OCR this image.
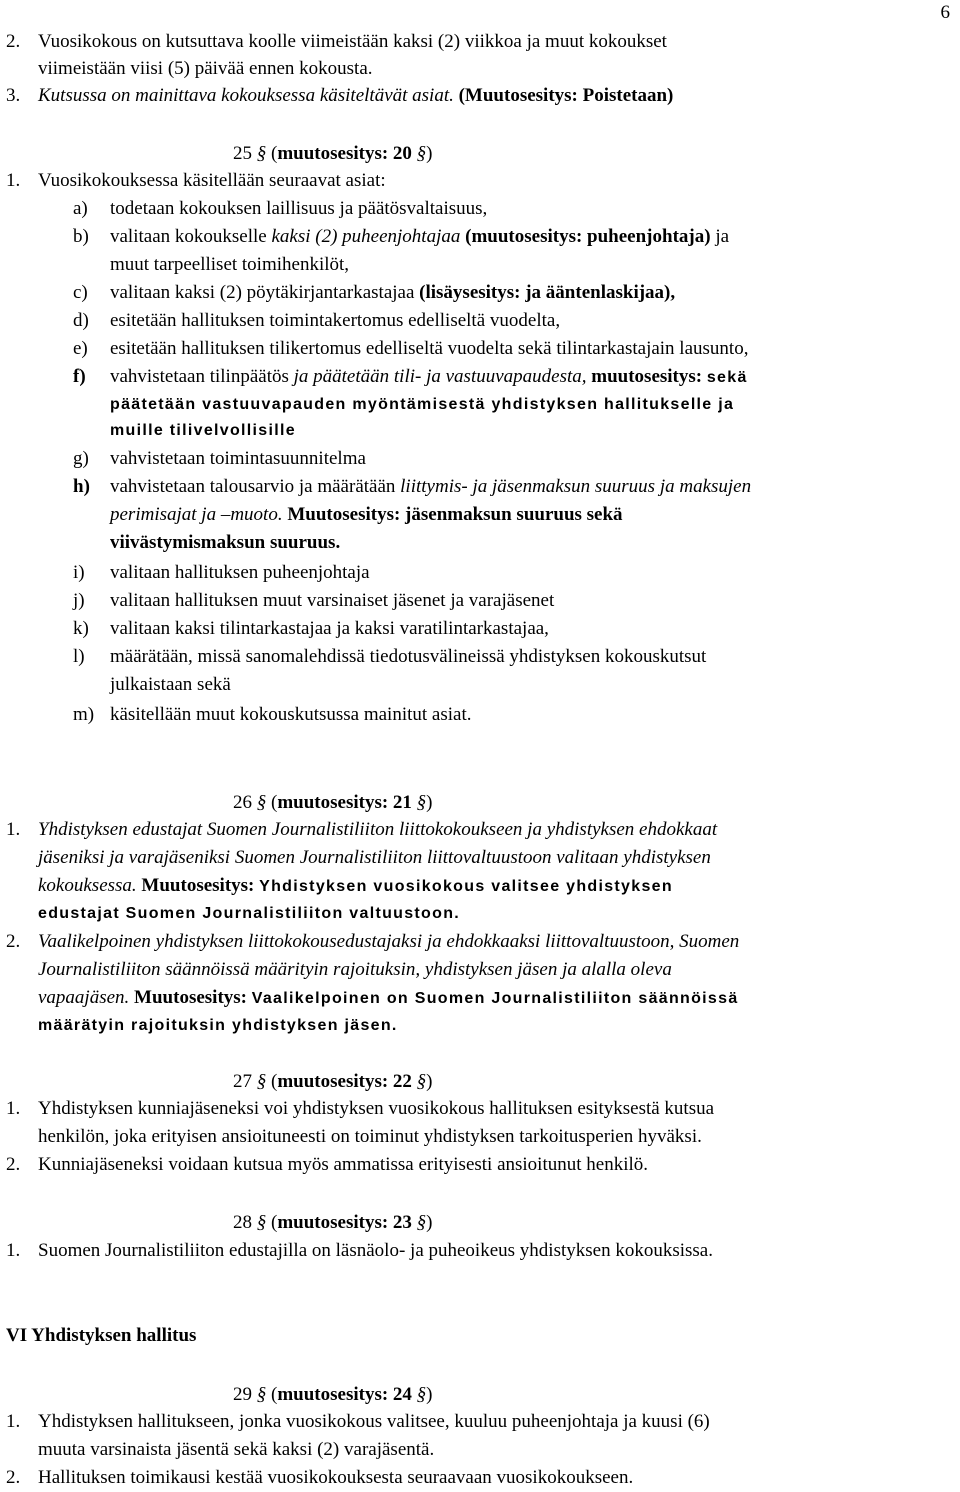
6
2. Vuosikokous on kutsuttava koolle viimeistään kaksi (2) viikkoa ja muut kokoukset
viimeistään viisi (5) päivää ennen kokousta.
3. Kutsussa on mainittava kokouksessa käsiteltävät asiat. (Muutosesitys: Poistetaan)
25 § (muutosesitys: 20 §)
1. Vuosikokouksessa käsitellään seuraavat asiat:
a) todetaan kokouksen laillisuus ja päätösvaltaisuus,
b) valitaan kokoukselle kaksi (2) puheenjohtajaa (muutosesitys: puheenjohtaja) ja
muut tarpeelliset toimihenkilöt,
c) valitaan kaksi (2) pöytäkirjantarkastajaa (lisäysesitys: ja ääntenlaskijaa),
d) esitetään hallituksen toimintakertomus edelliseltä vuodelta,
e) esitetään hallituksen tilikertomus edelliseltä vuodelta sekä tilintarkastajain lausunto,
f) vahvistetaan tilinpäätös ja päätetään tili- ja vastuuvapaudesta, muutosesitys: sekä
päätetään vastuuvapauden myöntämisestä yhdistyksen hallitukselle ja
muille tilivelvollisille
g) vahvistetaan toimintasuunnitelma
h) vahvistetaan talousarvio ja määrätään liittymis- ja jäsenmaksun suuruus ja maksujen
perimisajat ja –muoto. Muutosesitys: jäsenmaksun suuruus sekä
viivästymismaksun suuruus.
i) valitaan hallituksen puheenjohtaja
j) valitaan hallituksen muut varsinaiset jäsenet ja varajäsenet
k) valitaan kaksi tilintarkastajaa ja kaksi varatilintarkastajaa,
l) määrätään, missä sanomalehdissä tiedotusvälineissä yhdistyksen kokouskutsut
julkaistaan sekä
m) käsitellään muut kokouskutsussa mainitut asiat.
26 § (muutosesitys: 21 §)
1. Yhdistyksen edustajat Suomen Journalistiliiton liittokokoukseen ja yhdistyksen ehdokkaat
jäseniksi ja varajäseniksi Suomen Journalistiliiton liittovaltuustoon valitaan yhdistyksen
kokouksessa. Muutosesitys: Yhdistyksen vuosikokous valitsee yhdistyksen
edustajat Suomen Journalistiliiton valtuustoon.
2. Vaalikelpoinen yhdistyksen liittokokousedustajaksi ja ehdokkaaksi liittovaltuustoon, Suomen
Journalistiliiton säännöissä määrityin rajoituksin, yhdistyksen jäsen ja alalla oleva
vapaajäsen. Muutosesitys: Vaalikelpoinen on Suomen Journalistiliiton säännöissä
määrätyin rajoituksin yhdistyksen jäsen.
27 § (muutosesitys: 22 §)
1. Yhdistyksen kunniajäseneksi voi yhdistyksen vuosikokous hallituksen esityksestä kutsua
henkilön, joka erityisen ansioituneesti on toiminut yhdistyksen tarkoitusperien hyväksi.
2. Kunniajäseneksi voidaan kutsua myös ammatissa erityisesti ansioitunut henkilö.
28 § (muutosesitys: 23 §)
1. Suomen Journalistiliiton edustajilla on läsnäolo- ja puheoikeus yhdistyksen kokouksissa.
VI Yhdistyksen hallitus
29 § (muutosesitys: 24 §)
1. Yhdistyksen hallitukseen, jonka vuosikokous valitsee, kuuluu puheenjohtaja ja kuusi (6)
muuta varsinaista jäsentä sekä kaksi (2) varajäsentä.
2. Hallituksen toimikausi kestää vuosikokouksesta seuraavaan vuosikokoukseen.
